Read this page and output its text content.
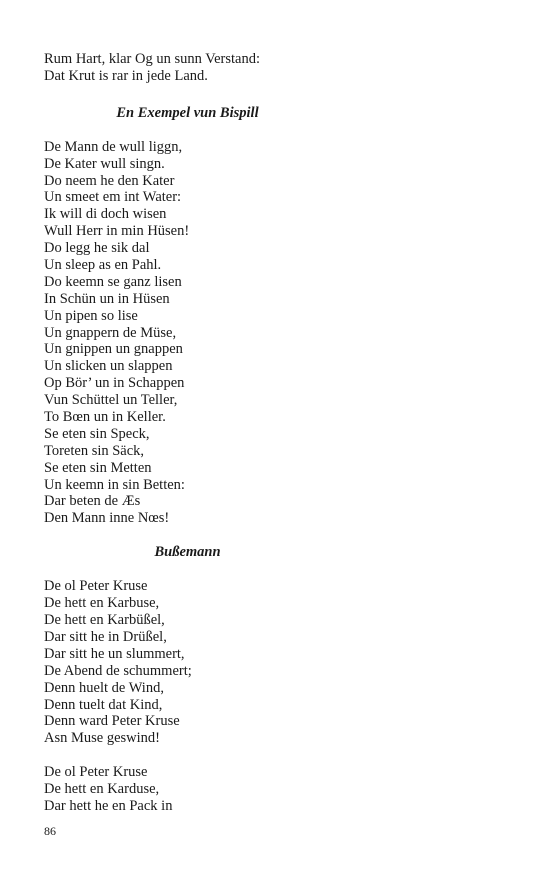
Rum Hart, klar Og un sunn Verstand:
Dat Krut is rar in jede Land.
En Exempel vun Bispill
De Mann de wull liggn,
De Kater wull singn.
Do neem he den Kater
Un smeet em int Water:
Ik will di doch wisen
Wull Herr in min Hüsen!
Do legg he sik dal
Un sleep as en Pahl.
Do keemn se ganz lisen
In Schün un in Hüsen
Un pipen so lise
Un gnappern de Müse,
Un gnippen un gnappen
Un slicken un slappen
Op Bör’ un in Schappen
Vun Schüttel un Teller,
To Bœn un in Keller.
Se eten sin Speck,
Toreten sin Säck,
Se eten sin Metten
Un keemn in sin Betten:
Dar beten de Æs
Den Mann inne Nœs!
Bußemann
De ol Peter Kruse
De hett en Karbuse,
De hett en Karbüßel,
Dar sitt he in Drüßel,
Dar sitt he un slummert,
De Abend de schummert;
Denn huelt de Wind,
Denn tuelt dat Kind,
Denn ward Peter Kruse
Asn Muse geswind!
De ol Peter Kruse
De hett en Karduse,
Dar hett he en Pack in
86
